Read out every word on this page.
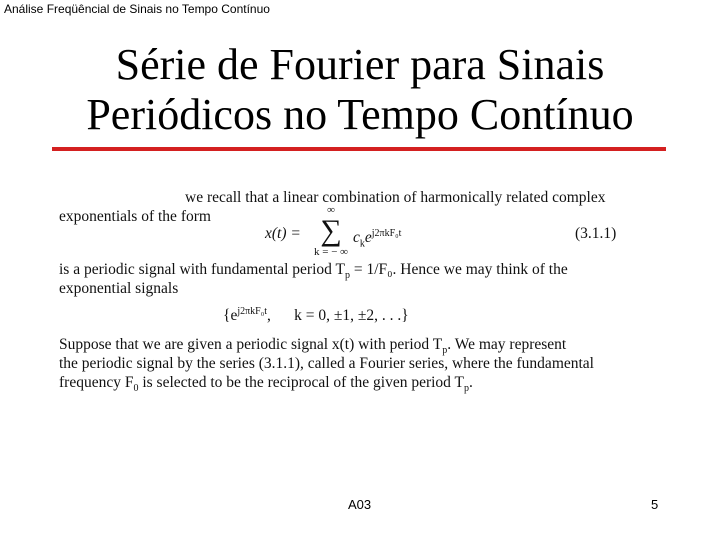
Análise Freqüêncial de Sinais no Tempo Contínuo
Série de Fourier para Sinais
Periódicos no Tempo Contínuo
we recall that a linear combination of harmonically related complex
exponentials of the form
x(t) =
∞
∑
k = − ∞
$c_ke^{j2\pi kF_0t}$	(3.1.1)
is a periodic signal with fundamental period $T_p = 1/F_0$. Hence we may think of the
exponential signals
{$e^{j2\pi kF_0t}$,      k = 0, ±1, ±2, . . .}
Suppose that we are given a periodic signal x(t) with period $T_p$. We may represent
the periodic signal by the series (3.1.1), called a Fourier series, where the fundamental
frequency $F_0$ is selected to be the reciprocal of the given period $T_p$.
A03	5
